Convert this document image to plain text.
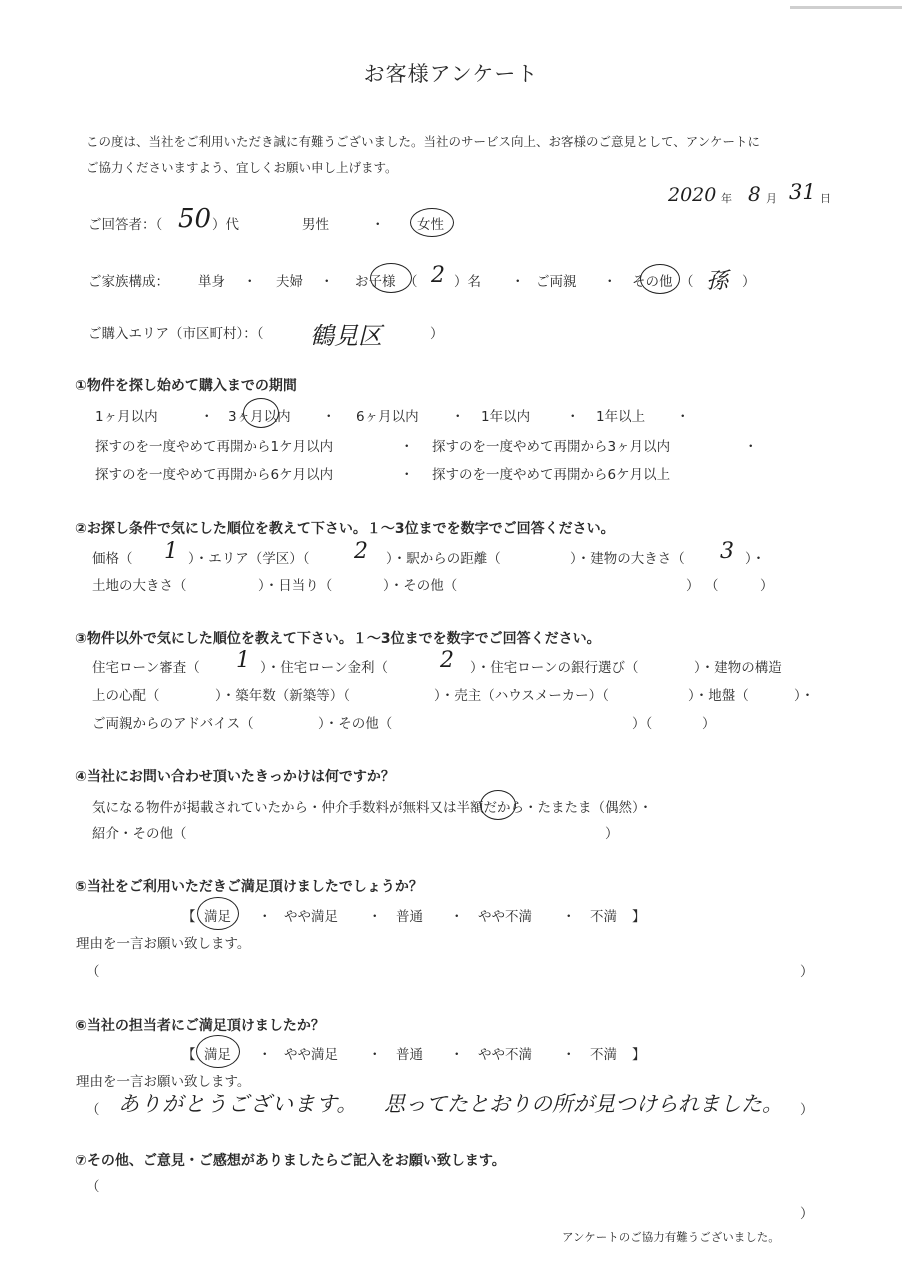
お客様アンケート
この度は、当社をご利用いただき誠に有難うございました。当社のサービス向上、お客様のご意見として、アンケートに
ご協力くださいますよう、宜しくお願い申し上げます。
2020 年 8 月 31 日
ご回答者：（ 50 ）代	男性	・ 女性
ご家族構成： 単身 ・ 夫婦 ・ お子様 （ 2 ）名 ・ ご両親 ・ その他 （ 孫 ）
ご購入エリア（市区町村）：（ 鶴見区	）
①物件を探し始めて購入までの期間
1ヶ月以内	・ 3ヶ月以内 ・ 6ヶ月以内 ・ 1年以内	・ 1年以上 ・
探すのを一度やめて再開から1ケ月以内	・ 探すのを一度やめて再開から3ヶ月以内	・
探すのを一度やめて再開から6ケ月以内	・ 探すのを一度やめて再開から6ケ月以上
②お探し条件で気にした順位を教えて下さい。１～3位までを数字でご回答ください。
価格（ 1 ）・エリア（学区）（ 2 ）・駅からの距離（	）・建物の大きさ（ 3 ）・
土地の大きさ（	）・日当り（	）・その他（	） （	）
③物件以外で気にした順位を教えて下さい。１～3位までを数字でご回答ください。
住宅ローン審査（ 1 ）・住宅ローン金利（ 2 ）・住宅ローンの銀行選び（	）・建物の構造
上の心配（	）・築年数（新築等）（	）・売主（ハウスメーカー）（	）・地盤（	）・
ご両親からのアドバイス（	）・その他（	）（	）
④当社にお問い合わせ頂いたきっかけは何ですか？
気になる物件が掲載されていたから・仲介手数料が無料又は半額だから・たまたま（偶然）・
紹介・その他（	）
⑤当社をご利用いただきご満足頂けましたでしょうか？
【 満足 ・ やや満足 ・ 普通 ・ やや不満 ・ 不満 】
理由を一言お願い致します。
（	）
⑥当社の担当者にご満足頂けましたか？
【 満足 ・ やや満足 ・ 普通 ・ やや不満 ・ 不満 】
理由を一言お願い致します。
（ ありがとうございます。 思ってたとおりの所が見つけられました。 ）
⑦その他、ご意見・ご感想がありましたらご記入をお願い致します。
（
）
アンケートのご協力有難うございました。
